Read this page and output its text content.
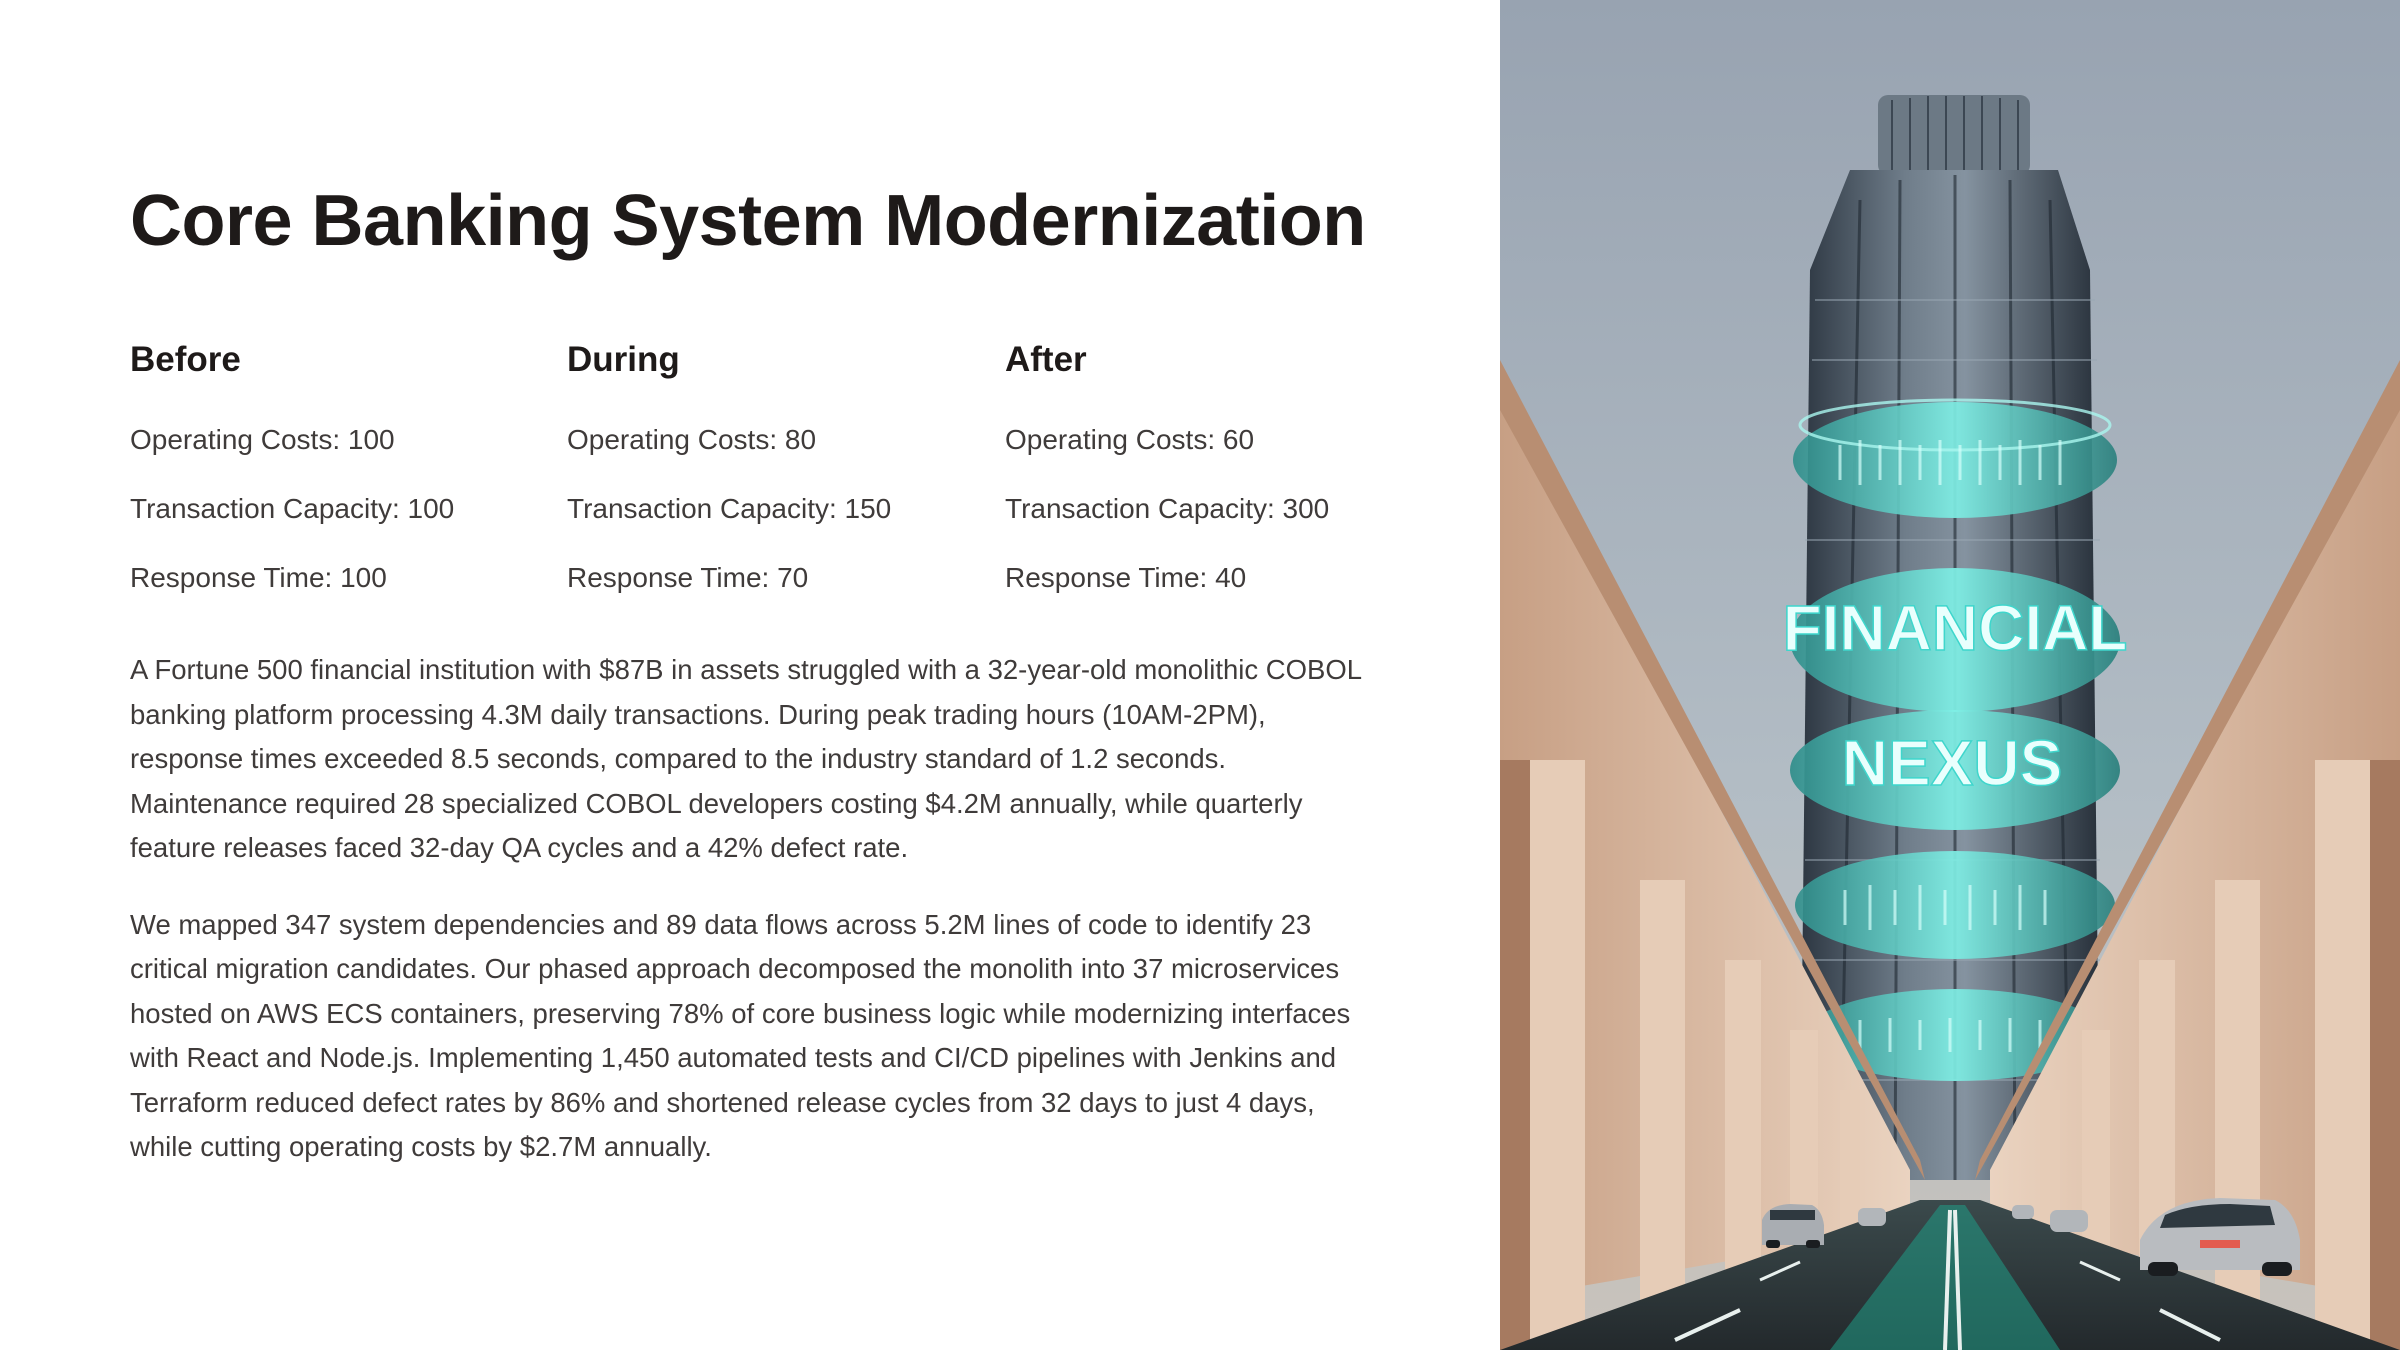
Core Banking System Modernization
Before
Operating Costs: 100
Transaction Capacity: 100
Response Time: 100
During
Operating Costs: 80
Transaction Capacity: 150
Response Time: 70
After
Operating Costs: 60
Transaction Capacity: 300
Response Time: 40

A Fortune 500 financial institution with $87B in assets struggled with a 32-year-old monolithic COBOL banking platform processing 4.3M daily transactions. During peak trading hours (10AM-2PM), response times exceeded 8.5 seconds, compared to the industry standard of 1.2 seconds. Maintenance required 28 specialized COBOL developers costing $4.2M annually, while quarterly feature releases faced 32-day QA cycles and a 42% defect rate.

We mapped 347 system dependencies and 89 data flows across 5.2M lines of code to identify 23 critical migration candidates. Our phased approach decomposed the monolith into 37 microservices hosted on AWS ECS containers, preserving 78% of core business logic while modernizing interfaces with React and Node.js. Implementing 1,450 automated tests and CI/CD pipelines with Jenkins and Terraform reduced defect rates by 86% and shortened release cycles from 32 days to just 4 days, while cutting operating costs by $2.7M annually.

FINANCIAL
NEXUS
